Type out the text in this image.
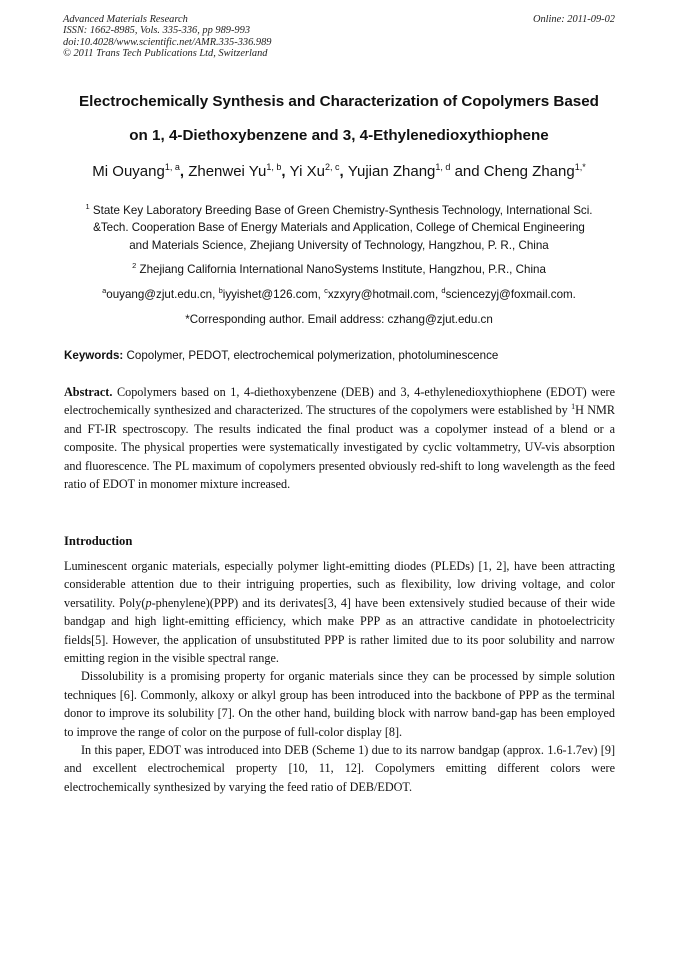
Advanced Materials Research
ISSN: 1662-8985, Vols. 335-336, pp 989-993
doi:10.4028/www.scientific.net/AMR.335-336.989
© 2011 Trans Tech Publications Ltd, Switzerland
Online: 2011-09-02
Electrochemically Synthesis and Characterization of Copolymers Based
on 1, 4-Diethoxybenzene and 3, 4-Ethylenedioxythiophene
Mi Ouyang$^{1, a}$, Zhenwei Yu$^{1, b}$, Yi Xu$^{2, c}$, Yujian Zhang$^{1, d}$ and Cheng Zhang$^{1,*}$
$^1$ State Key Laboratory Breeding Base of Green Chemistry-Synthesis Technology, International Sci.
&Tech. Cooperation Base of Energy Materials and Application, College of Chemical Engineering
and Materials Science, Zhejiang University of Technology, Hangzhou, P. R., China
$^2$ Zhejiang California International NanoSystems Institute, Hangzhou, P.R., China
$^a$ouyang@zjut.edu.cn, $^b$iyyishet@126.com, $^c$xzxyry@hotmail.com, $^d$sciencezyj@foxmail.com.
*Corresponding author. Email address: czhang@zjut.edu.cn
Keywords: Copolymer, PEDOT, electrochemical polymerization, photoluminescence
Abstract. Copolymers based on 1, 4-diethoxybenzene (DEB) and 3, 4-ethylenedioxythiophene (EDOT) were electrochemically synthesized and characterized. The structures of the copolymers were established by $^1$H NMR and FT-IR spectroscopy. The results indicated the final product was a copolymer instead of a blend or a composite. The physical properties were systematically investigated by cyclic voltammetry, UV-vis absorption and fluorescence. The PL maximum of copolymers presented obviously red-shift to long wavelength as the feed ratio of EDOT in monomer mixture increased.
Introduction

Luminescent organic materials, especially polymer light-emitting diodes (PLEDs) [1, 2], have been attracting considerable attention due to their intriguing properties, such as flexibility, low driving voltage, and color versatility. Poly(p-phenylene)(PPP) and its derivates[3, 4] have been extensively studied because of their wide bandgap and high light-emitting efficiency, which make PPP as an attractive candidate in photoelectricity fields[5]. However, the application of unsubstituted PPP is rather limited due to its poor solubility and narrow emitting region in the visible spectral range.

Dissolubility is a promising property for organic materials since they can be processed by simple solution techniques [6]. Commonly, alkoxy or alkyl group has been introduced into the backbone of PPP as the terminal donor to improve its solubility [7]. On the other hand, building block with narrow band-gap has been employed to improve the range of color on the purpose of full-color display [8].

In this paper, EDOT was introduced into DEB (Scheme 1) due to its narrow bandgap (approx. 1.6-1.7ev) [9] and excellent electrochemical property [10, 11, 12]. Copolymers emitting different colors were electrochemically synthesized by varying the feed ratio of DEB/EDOT.
